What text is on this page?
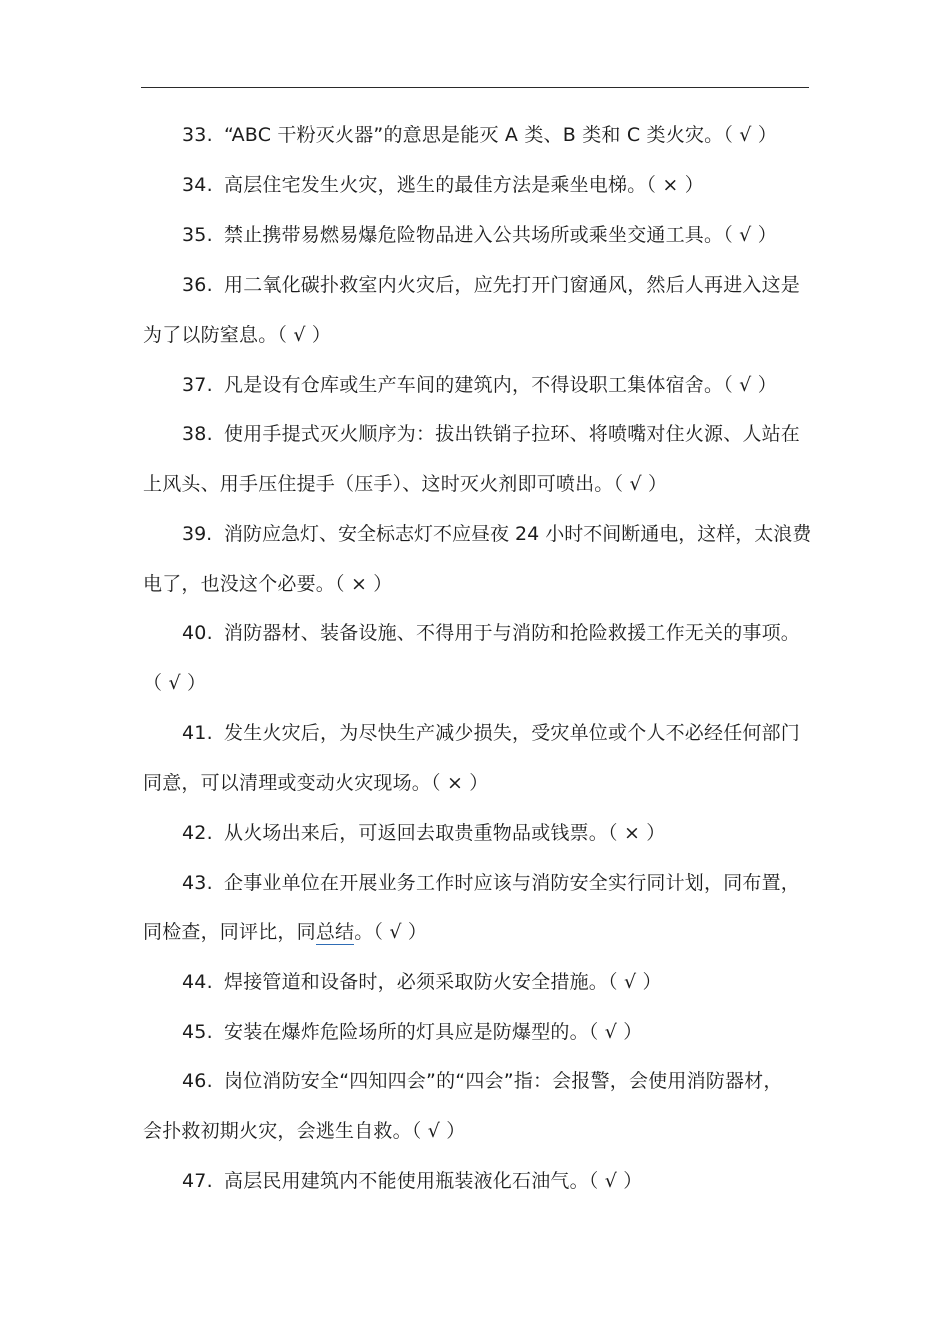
33. “ABC 干粉灭火器”的意思是能灭 A 类、B 类和 C 类火灾。（ √ ）
34. 高层住宅发生火灾，逃生的最佳方法是乘坐电梯。（ × ）
35. 禁止携带易燃易爆危险物品进入公共场所或乘坐交通工具。（ √ ）
36. 用二氧化碳扑救室内火灾后，应先打开门窗通风，然后人再进入这是
为了以防窒息。（ √ ）
37. 凡是设有仓库或生产车间的建筑内，不得设职工集体宿舍。（ √ ）
38. 使用手提式灭火顺序为：拔出铁销子拉环、将喷嘴对住火源、人站在
上风头、用手压住提手（压手）、这时灭火剂即可喷出。（ √ ）
39. 消防应急灯、安全标志灯不应昼夜 24 小时不间断通电，这样，太浪费
电了，也没这个必要。（ × ）
40. 消防器材、装备设施、不得用于与消防和抢险救援工作无关的事项。
（ √ ）
41. 发生火灾后，为尽快生产减少损失，受灾单位或个人不必经任何部门
同意，可以清理或变动火灾现场。（ × ）
42. 从火场出来后，可返回去取贵重物品或钱票。（ × ）
43. 企事业单位在开展业务工作时应该与消防安全实行同计划，同布置，
同检查，同评比，同总结。（ √ ）
44. 焊接管道和设备时，必须采取防火安全措施。（ √ ）
45. 安装在爆炸危险场所的灯具应是防爆型的。（ √ ）
46. 岗位消防安全“四知四会”的“四会”指：会报警，会使用消防器材，
会扑救初期火灾，会逃生自救。（ √ ）
47. 高层民用建筑内不能使用瓶装液化石油气。（ √ ）
